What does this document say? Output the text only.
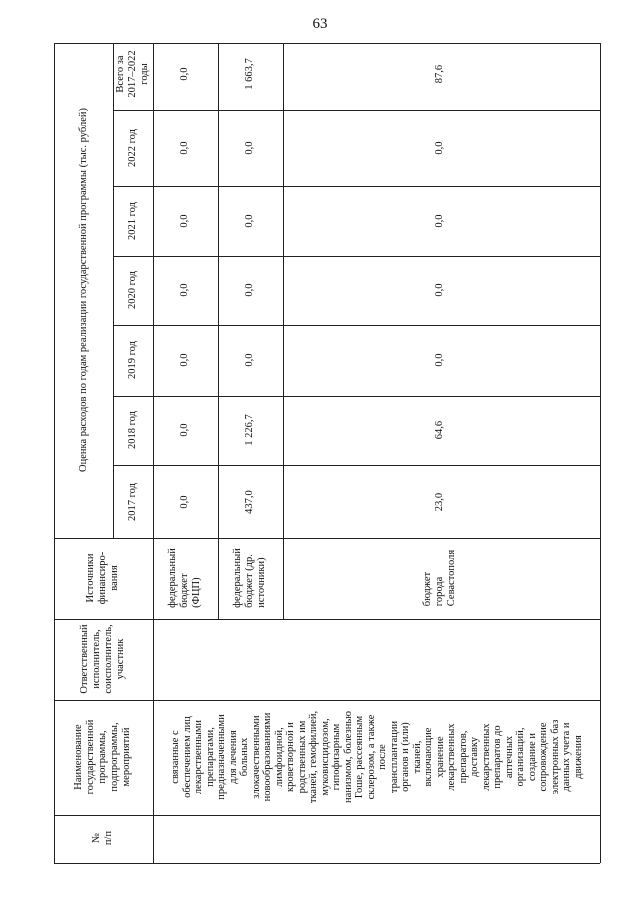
63
Оценка расходов по годам реализации государственной программы (тыс. рублей)
Всего за
2017–2022
годы
2022 год
2021 год
2020 год
2019 год
2018 год
2017 год
Источники
финансиро-
вания
Ответственный
исполнитель,
соисполнитель,
участник
Наименование
государственной
программы,
подпрограммы,
мероприятий
№
п/п
связанные с
обеспечением лиц
лекарственными
препаратами,
предназначенными
для лечения
больных
злокачественными
новообразованиями
лимфоидной,
кроветворной и
родственных им
тканей, гемофилией,
муковисцидозом,
гипофизарным
нанизмом, болезнью
Гоше, рассеянным
склерозом, а также
после
трансплантации
органов и (или)
тканей,
включающие
хранение
лекарственных
препаратов,
доставку
лекарственных
препаратов до
аптечных
организаций,
создание и
сопровождение
электронных баз
данных учета и
движения
федеральный
бюджет
(ФЦП)	федеральный
бюджет (др.
источники)	бюджет
города
Севастополя
0,0
0,0
0,0
0,0
0,0
0,0
0,0
1 663,7
0,0
0,0
0,0
0,0
1 226,7
437,0
87,6
0,0
0,0
0,0
0,0
64,6
23,0
